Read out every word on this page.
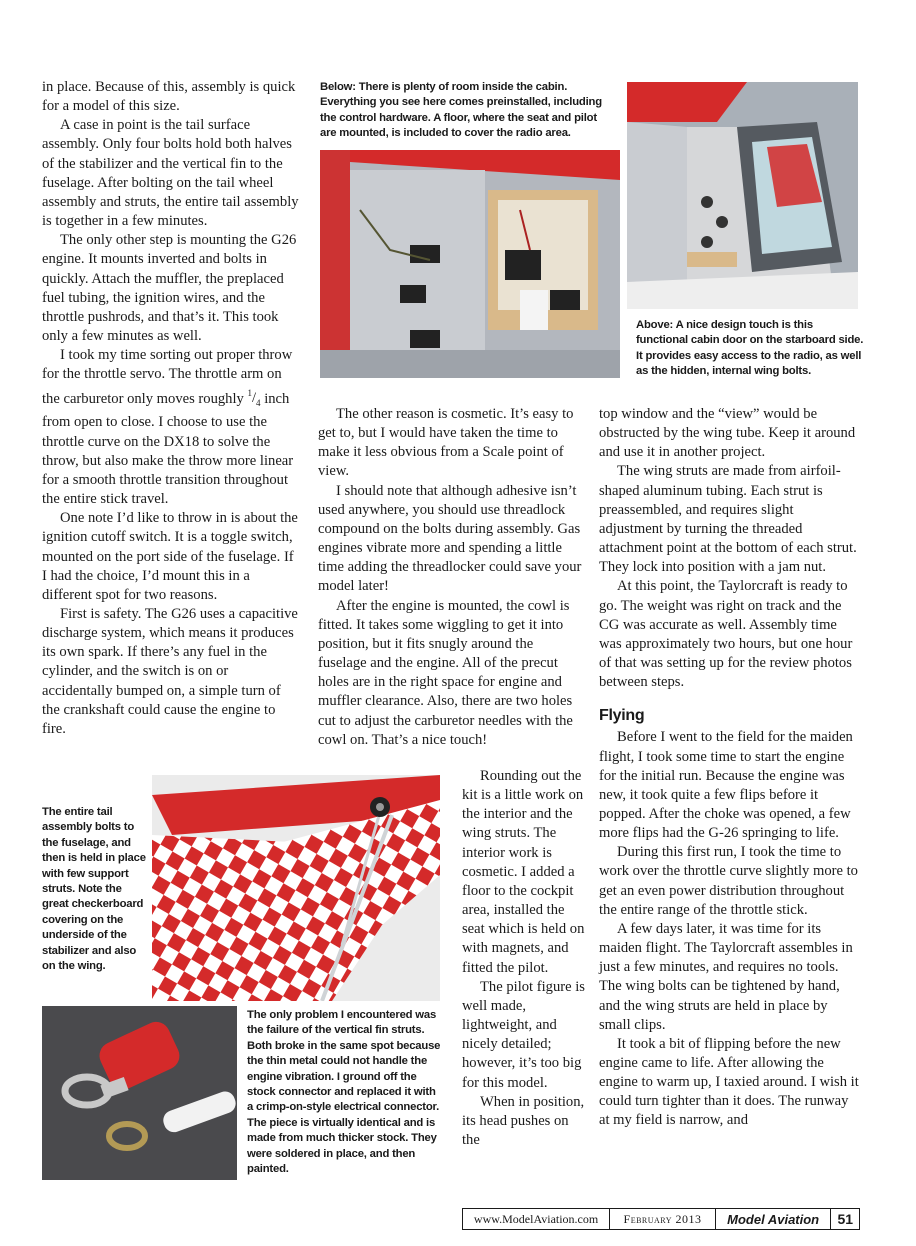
in place. Because of this, assembly is quick for a model of this size.

A case in point is the tail surface assembly. Only four bolts hold both halves of the stabilizer and the vertical fin to the fuselage. After bolting on the tail wheel assembly and struts, the entire tail assembly is together in a few minutes.

The only other step is mounting the G26 engine. It mounts inverted and bolts in quickly. Attach the muffler, the preplaced fuel tubing, the ignition wires, and the throttle pushrods, and that’s it. This took only a few minutes as well.

I took my time sorting out proper throw for the throttle servo. The throttle arm on the carburetor only moves roughly $^1/_4$ inch from open to close. I choose to use the throttle curve on the DX18 to solve the throw, but also make the throw more linear for a smooth throttle transition throughout the entire stick travel.

One note I’d like to throw in is about the ignition cutoff switch. It is a toggle switch, mounted on the port side of the fuselage. If I had the choice, I’d mount this in a different spot for two reasons.

First is safety. The G26 uses a capacitive discharge system, which means it produces its own spark. If there’s any fuel in the cylinder, and the switch is on or accidentally bumped on, a simple turn of the crankshaft could cause the engine to fire.

Below: There is plenty of room inside the cabin. Everything you see here comes preinstalled, including the control hardware. A floor, where the seat and pilot are mounted, is included to cover the radio area.

Above: A nice design touch is this functional cabin door on the starboard side. It provides easy access to the radio, as well as the hidden, internal wing bolts.

The other reason is cosmetic. It’s easy to get to, but I would have taken the time to make it less obvious from a Scale point of view.

I should note that although adhesive isn’t used anywhere, you should use threadlock compound on the bolts during assembly. Gas engines vibrate more and spending a little time adding the threadlocker could save your model later!

After the engine is mounted, the cowl is fitted. It takes some wiggling to get it into position, but it fits snugly around the fuselage and the engine. All of the precut holes are in the right space for engine and muffler clearance. Also, there are two holes cut to adjust the carburetor needles with the cowl on. That’s a nice touch!

Rounding out the kit is a little work on the interior and the wing struts. The interior work is cosmetic. I added a floor to the cockpit area, installed the seat which is held on with magnets, and fitted the pilot.

The pilot figure is well made, lightweight, and nicely detailed; however, it’s too big for this model.

When in position, its head pushes on the

top window and the “view” would be obstructed by the wing tube. Keep it around and use it in another project.

The wing struts are made from airfoil-shaped aluminum tubing. Each strut is preassembled, and requires slight adjustment by turning the threaded attachment point at the bottom of each strut. They lock into position with a jam nut.

At this point, the Taylorcraft is ready to go. The weight was right on track and the CG was accurate as well. Assembly time was approximately two hours, but one hour of that was setting up for the review photos between steps.

Flying

Before I went to the field for the maiden flight, I took some time to start the engine for the initial run. Because the engine was new, it took quite a few flips before it popped. After the choke was opened, a few more flips had the G-26 springing to life.

During this first run, I took the time to work over the throttle curve slightly more to get an even power distribution throughout the entire range of the throttle stick.

A few days later, it was time for its maiden flight. The Taylorcraft assembles in just a few minutes, and requires no tools. The wing bolts can be tightened by hand, and the wing struts are held in place by small clips.

It took a bit of flipping before the new engine came to life. After allowing the engine to warm up, I taxied around. I wish it could turn tighter than it does. The runway at my field is narrow, and

The entire tail assembly bolts to the fuselage, and then is held in place with few support struts. Note the great checkerboard covering on the underside of the stabilizer and also on the wing.

The only problem I encountered was the failure of the vertical fin struts. Both broke in the same spot because the thin metal could not handle the engine vibration. I ground off the stock connector and replaced it with a crimp-on-style electrical connector. The piece is virtually identical and is made from much thicker stock. They were soldered in place, and then painted.

www.ModelAviation.com	February 2013	Model Aviation	51
